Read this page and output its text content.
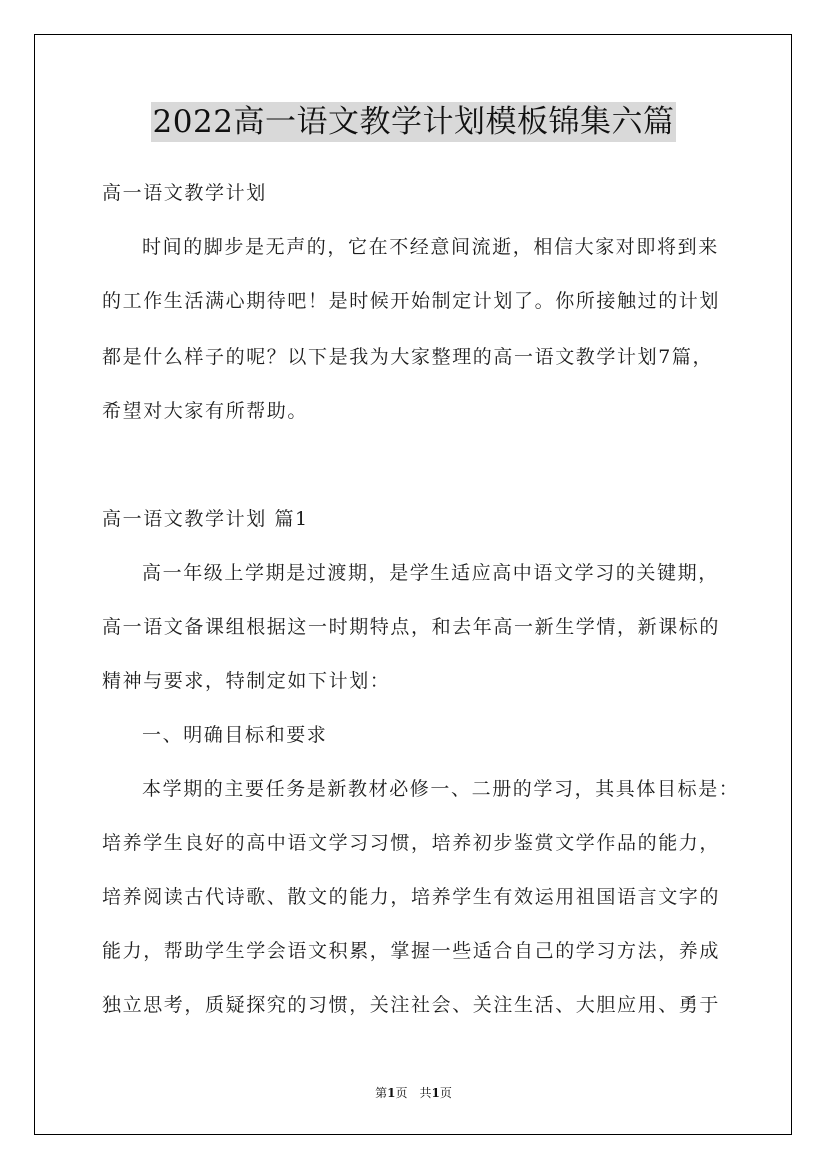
2022高一语文教学计划模板锦集六篇
高一语文教学计划
时间的脚步是无声的，它在不经意间流逝，相信大家对即将到来
的工作生活满心期待吧！是时候开始制定计划了。你所接触过的计划
都是什么样子的呢？以下是我为大家整理的高一语文教学计划7篇，
希望对大家有所帮助。
高一语文教学计划 篇1
高一年级上学期是过渡期，是学生适应高中语文学习的关键期，
高一语文备课组根据这一时期特点，和去年高一新生学情，新课标的
精神与要求，特制定如下计划：
一、明确目标和要求
本学期的主要任务是新教材必修一、二册的学习，其具体目标是：
培养学生良好的高中语文学习习惯，培养初步鉴赏文学作品的能力，
培养阅读古代诗歌、散文的能力，培养学生有效运用祖国语言文字的
能力，帮助学生学会语文积累，掌握一些适合自己的学习方法，养成
独立思考，质疑探究的习惯，关注社会、关注生活、大胆应用、勇于
第1页　共1页
